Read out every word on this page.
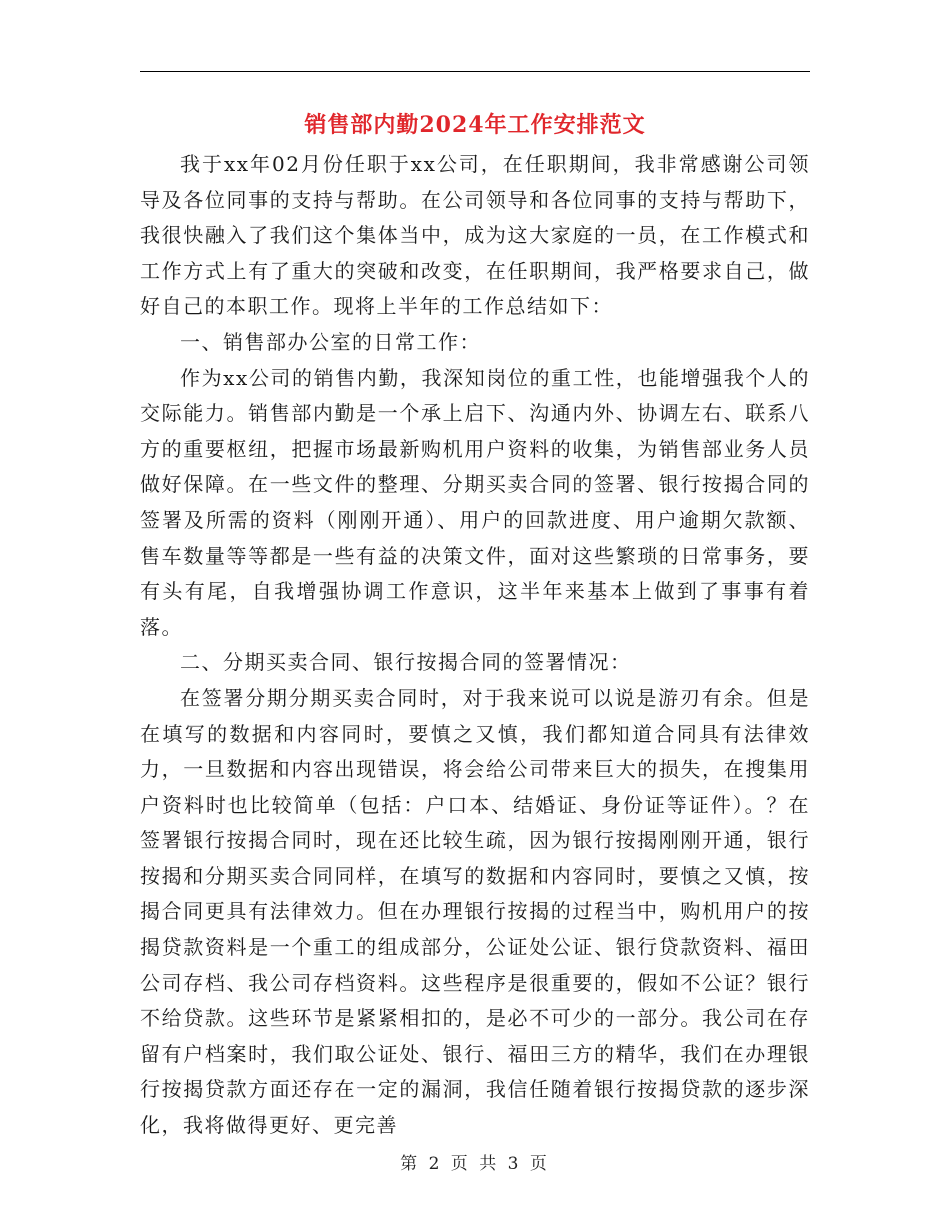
销售部内勤2024年工作安排范文

我于xx年02月份任职于xx公司，在任职期间，我非常感谢公司领导及各位同事的支持与帮助。在公司领导和各位同事的支持与帮助下，我很快融入了我们这个集体当中，成为这大家庭的一员，在工作模式和工作方式上有了重大的突破和改变，在任职期间，我严格要求自己，做好自己的本职工作。现将上半年的工作总结如下：

一、销售部办公室的日常工作：

作为xx公司的销售内勤，我深知岗位的重工性，也能增强我个人的交际能力。销售部内勤是一个承上启下、沟通内外、协调左右、联系八方的重要枢纽，把握市场最新购机用户资料的收集，为销售部业务人员做好保障。在一些文件的整理、分期买卖合同的签署、银行按揭合同的签署及所需的资料（刚刚开通）、用户的回款进度、用户逾期欠款额、售车数量等等都是一些有益的决策文件，面对这些繁琐的日常事务，要有头有尾，自我增强协调工作意识，这半年来基本上做到了事事有着落。

二、分期买卖合同、银行按揭合同的签署情况：

在签署分期分期买卖合同时，对于我来说可以说是游刃有余。但是在填写的数据和内容同时，要慎之又慎，我们都知道合同具有法律效力，一旦数据和内容出现错误，将会给公司带来巨大的损失，在搜集用户资料时也比较简单（包括：户口本、结婚证、身份证等证件）。？在签署银行按揭合同时，现在还比较生疏，因为银行按揭刚刚开通，银行按揭和分期买卖合同同样，在填写的数据和内容同时，要慎之又慎，按揭合同更具有法律效力。但在办理银行按揭的过程当中，购机用户的按揭贷款资料是一个重工的组成部分，公证处公证、银行贷款资料、福田公司存档、我公司存档资料。这些程序是很重要的，假如不公证？银行不给贷款。这些环节是紧紧相扣的，是必不可少的一部分。我公司在存留有户档案时，我们取公证处、银行、福田三方的精华，我们在办理银行按揭贷款方面还存在一定的漏洞，我信任随着银行按揭贷款的逐步深化，我将做得更好、更完善

第 2 页 共 3 页
